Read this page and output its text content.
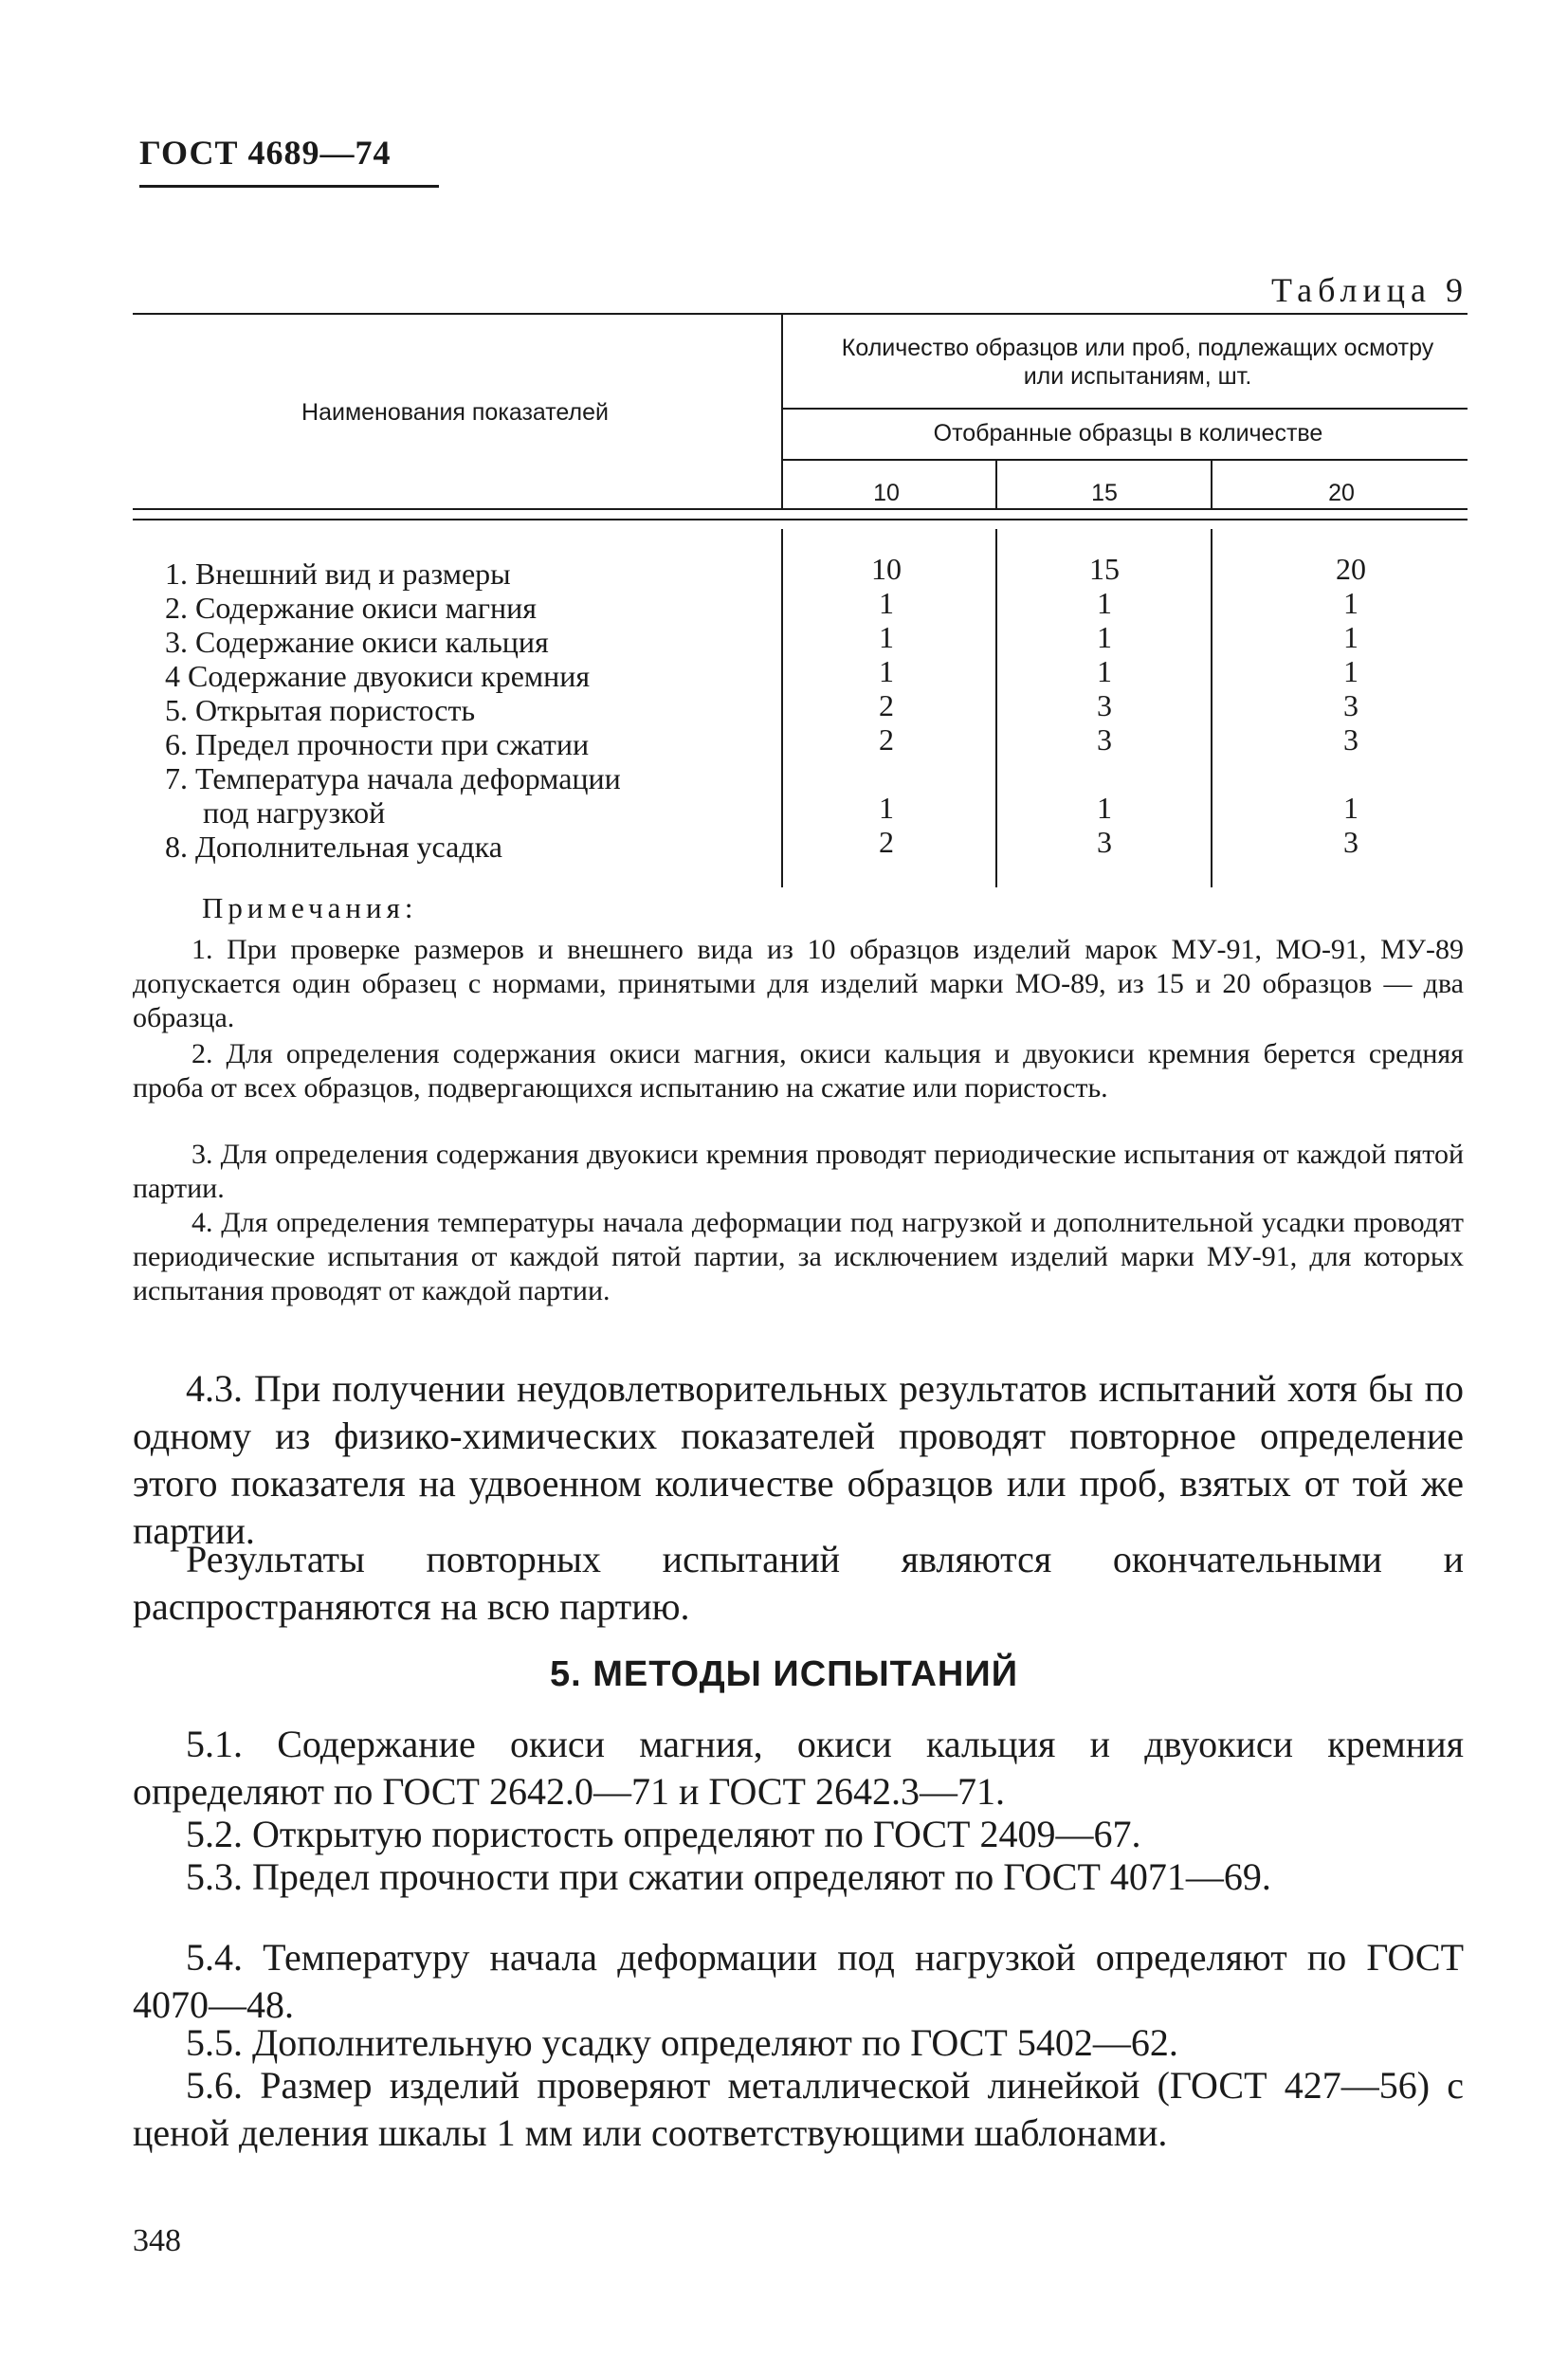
ГОСТ 4689—74
Таблица 9
Наименования показателей
Количество образцов или проб, подлежащих осмотру или испытаниям, шт.
Отобранные образцы в количестве
10	15	20
1. Внешний вид и размеры	10	15	20
2. Содержание окиси магния	1	1	1
3. Содержание окиси кальция	1	1	1
4 Содержание двуокиси кремния	1	1	1
5. Открытая пористость	2	3	3
6. Предел прочности при сжатии	2	3	3
7. Температура начала деформации
под нагрузкой	1	1	1
8. Дополнительная усадка	2	3	3
Примечания:
1. При проверке размеров и внешнего вида из 10 образцов изделий марок МУ-91, МО-91, МУ-89 допускается один образец с нормами, принятыми для изделий марки МО-89, из 15 и 20 образцов — два образца.
2. Для определения содержания окиси магния, окиси кальция и двуокиси кремния берется средняя проба от всех образцов, подвергающихся испытанию на сжатие или пористость.
3. Для определения содержания двуокиси кремния проводят периодические испытания от каждой пятой партии.
4. Для определения температуры начала деформации под нагрузкой и дополнительной усадки проводят периодические испытания от каждой пятой партии, за исключением изделий марки МУ-91, для которых испытания проводят от каждой партии.
4.3. При получении неудовлетворительных результатов испытаний хотя бы по одному из физико-химических показателей проводят повторное определение этого показателя на удвоенном количестве образцов или проб, взятых от той же партии.
Результаты повторных испытаний являются окончательными и распространяются на всю партию.
5. МЕТОДЫ ИСПЫТАНИЙ
5.1. Содержание окиси магния, окиси кальция и двуокиси кремния определяют по ГОСТ 2642.0—71 и ГОСТ 2642.3—71.
5.2. Открытую пористость определяют по ГОСТ 2409—67.
5.3. Предел прочности при сжатии определяют по ГОСТ 4071—69.
5.4. Температуру начала деформации под нагрузкой определяют по ГОСТ 4070—48.
5.5. Дополнительную усадку определяют по ГОСТ 5402—62.
5.6. Размер изделий проверяют металлической линейкой (ГОСТ 427—56) с ценой деления шкалы 1 мм или соответствующими шаблонами.
348
